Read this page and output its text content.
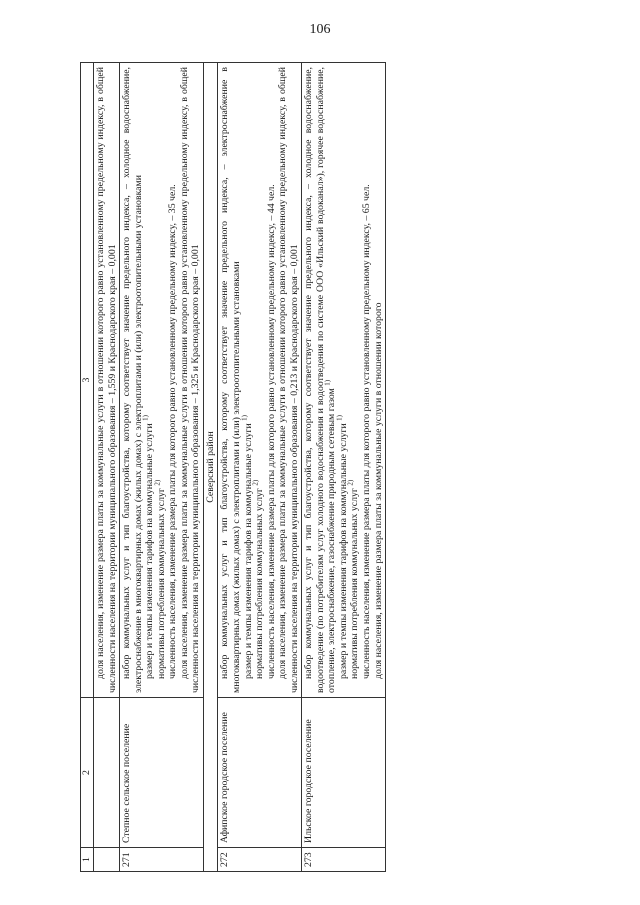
106
1	2	3

		доля населения, изменение размера платы за коммунальные услуги в отношении которого равно установленному предельному индексу, в общей численности населения на территории муниципального образования – 1,559 и Краснодарского края – 0,001

271	Степное сельское поселение	набор коммунальных услуг и тип благоустройства, которому соответствует значение предельного индекса, – холодное водоснабжение, электроснабжение в многоквартирных домах (жилых домах) с электроплитами и (или) электроотопительными установками размер и темпы изменения тарифов на коммунальные услуги $^{1)}$
нормативы потребления коммунальных услуг $^{2)}$ численность населения, изменение размера платы для которого равно установленному предельному индексу, – 35 чел. доля населения, изменение размера платы за коммунальные услуги в отношении которого равно установленному предельному индексу, в общей численности населения на территории муниципального образования – 1,325 и Краснодарского края – 0,001

Северский район		
272	Афипское городское поселение	набор коммунальных услуг и тип благоустройства, которому соответствует значение предельного индекса, – электроснабжение в многоквартирных домах (жилых домах) с электроплитами и (или) электроотопительными установками размер и темпы изменения тарифов на коммунальные услуги $^{1)}$
нормативы потребления коммунальных услуг $^{2)}$ численность населения, изменение размера платы для которого равно установленному предельному индексу, – 44 чел. доля населения, изменение размера платы за коммунальные услуги в отношении которого равно установленному предельному индексу, в общей численности населения на территории муниципального образования – 0,213 и Краснодарского края – 0,001

273	Ильское городское поселение	набор коммунальных услуг и тип благоустройства, которому соответствует значение предельного индекса, – холодное водоснабжение, водоотведение (по потребителям услуг холодного водоснабжения и водоотведения по системе ООО «Ильский водоканал»), горячее водоснабжение, отопление, электроснабжение, газоснабжение природным сетевым газом $^{1)}$
размер и темпы изменения тарифов на коммунальные услуги $^{1)}$
нормативы потребления коммунальных услуг $^{2)}$ численность населения, изменение размера платы для которого равно установленному предельному индексу, – 65 чел. доля населения, изменение размера платы за коммунальные услуги в отношении которого
